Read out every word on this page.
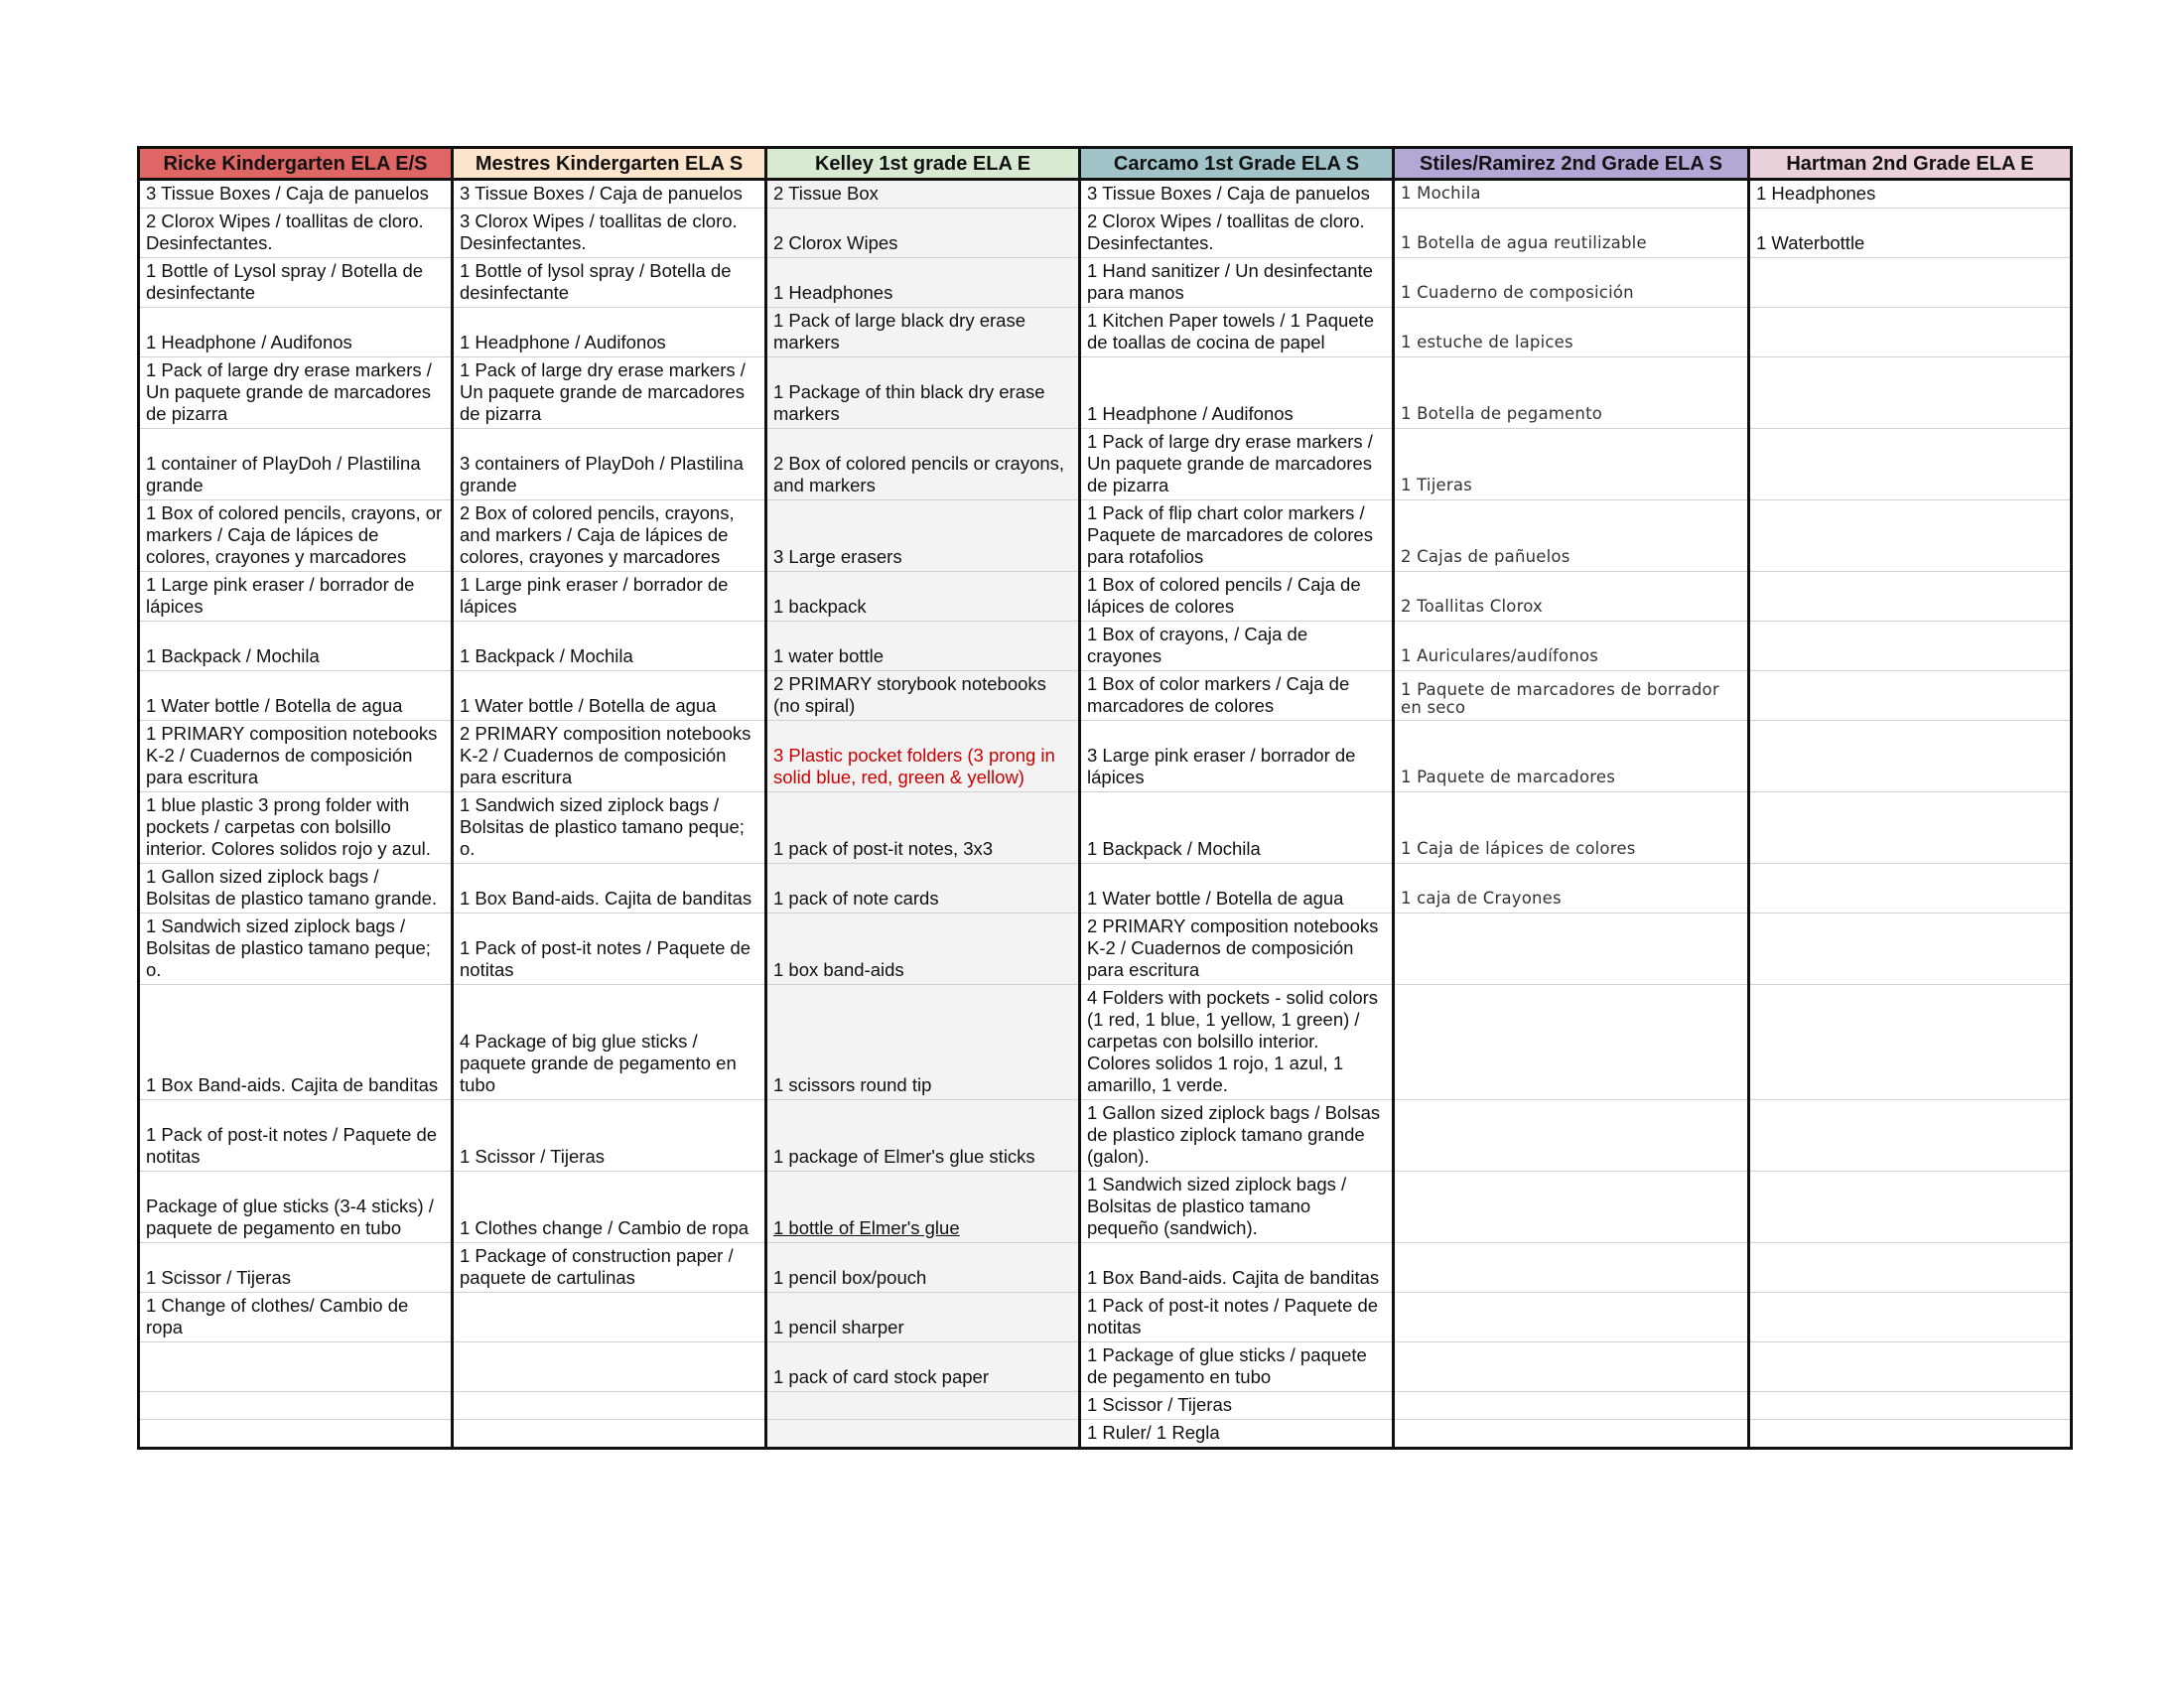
Ricke Kindergarten ELA E/S	Mestres Kindergarten ELA S	Kelley 1st grade ELA E	Carcamo 1st Grade ELA S	Stiles/Ramirez 2nd Grade ELA S	Hartman 2nd Grade ELA E
3 Tissue Boxes / Caja de panuelos	3 Tissue Boxes / Caja de panuelos	2 Tissue Box	3 Tissue Boxes / Caja de panuelos	1 Mochila	1 Headphones
2 Clorox Wipes / toallitas de cloro. Desinfectantes.	3 Clorox Wipes / toallitas de cloro. Desinfectantes.	2 Clorox Wipes	2 Clorox Wipes / toallitas de cloro. Desinfectantes.	1 Botella de agua reutilizable	1 Waterbottle
1 Bottle of Lysol spray / Botella de desinfectante	1 Bottle of lysol spray / Botella de desinfectante	1 Headphones	1 Hand sanitizer / Un desinfectante para manos	1 Cuaderno de composición	
1 Headphone / Audifonos	1 Headphone / Audifonos	1 Pack of large black dry erase markers	1 Kitchen Paper towels / 1 Paquete de toallas de cocina de papel	1 estuche de lapices	
1 Pack of large dry erase markers / Un paquete grande de marcadores de pizarra	1 Pack of large dry erase markers / Un paquete grande de marcadores de pizarra	1 Package of thin black dry erase markers	1 Headphone / Audifonos	1 Botella de pegamento	
1 container of PlayDoh / Plastilina grande	3 containers of PlayDoh / Plastilina grande	2 Box of colored pencils or crayons, and markers	1 Pack of large dry erase markers / Un paquete grande de marcadores de pizarra	1 Tijeras	
1 Box of colored pencils, crayons, or markers / Caja de lápices de colores, crayones y marcadores	2 Box of colored pencils, crayons, and markers / Caja de lápices de colores, crayones y marcadores	3 Large erasers	1 Pack of flip chart color markers / Paquete de marcadores de colores para rotafolios	2 Cajas de pañuelos	
1 Large pink eraser / borrador de lápices	1 Large pink eraser / borrador de lápices	1 backpack	1 Box of colored pencils / Caja de lápices de colores	2 Toallitas Clorox	
1 Backpack / Mochila	1 Backpack / Mochila	1 water bottle	1 Box of crayons, / Caja de crayones	1 Auriculares/audífonos	
1 Water bottle / Botella de agua	1 Water bottle / Botella de agua	2 PRIMARY storybook notebooks (no spiral)	1 Box of color markers / Caja de marcadores de colores	1 Paquete de marcadores de borrador en seco	
1 PRIMARY composition notebooks K-2 / Cuadernos de composición para escritura	2 PRIMARY composition notebooks K-2 / Cuadernos de composición para escritura	3 Plastic pocket folders (3 prong in solid blue, red, green & yellow)	3 Large pink eraser / borrador de lápices	1 Paquete de marcadores	
1 blue plastic 3 prong folder with pockets / carpetas con bolsillo interior. Colores solidos rojo y azul.	1 Sandwich sized ziplock bags / Bolsitas de plastico tamano peque; o.	1 pack of post-it notes, 3x3	1 Backpack / Mochila	1 Caja de lápices de colores	
1 Gallon sized ziplock bags / Bolsitas de plastico tamano grande.	1 Box Band-aids. Cajita de banditas	1 pack of note cards	1 Water bottle / Botella de agua	1 caja de Crayones	
1 Sandwich sized ziplock bags / Bolsitas de plastico tamano peque; o.	1 Pack of post-it notes / Paquete de notitas	1 box band-aids	2 PRIMARY composition notebooks K-2 / Cuadernos de composición para escritura		
1 Box Band-aids. Cajita de banditas	4 Package of big glue sticks / paquete grande de pegamento en tubo	1 scissors round tip	4 Folders with pockets - solid colors (1 red, 1 blue, 1 yellow, 1 green) / carpetas con bolsillo interior. Colores solidos 1 rojo, 1 azul, 1 amarillo, 1 verde.		
1 Pack of post-it notes / Paquete de notitas	1 Scissor / Tijeras	1 package of Elmer's glue sticks	1 Gallon sized ziplock bags / Bolsas de plastico ziplock tamano grande (galon).		
Package of glue sticks (3-4 sticks) / paquete de pegamento en tubo	1 Clothes change / Cambio de ropa	1 bottle of Elmer's glue	1 Sandwich sized ziplock bags / Bolsitas de plastico tamano pequeño (sandwich).		
1 Scissor / Tijeras	1 Package of construction paper / paquete de cartulinas	1 pencil box/pouch	1 Box Band-aids. Cajita de banditas		
1 Change of clothes/ Cambio de ropa		1 pencil sharper	1 Pack of post-it notes / Paquete de notitas		
		1 pack of card stock paper	1 Package of glue sticks / paquete de pegamento en tubo		
			1 Scissor / Tijeras		
			1 Ruler/ 1 Regla		
